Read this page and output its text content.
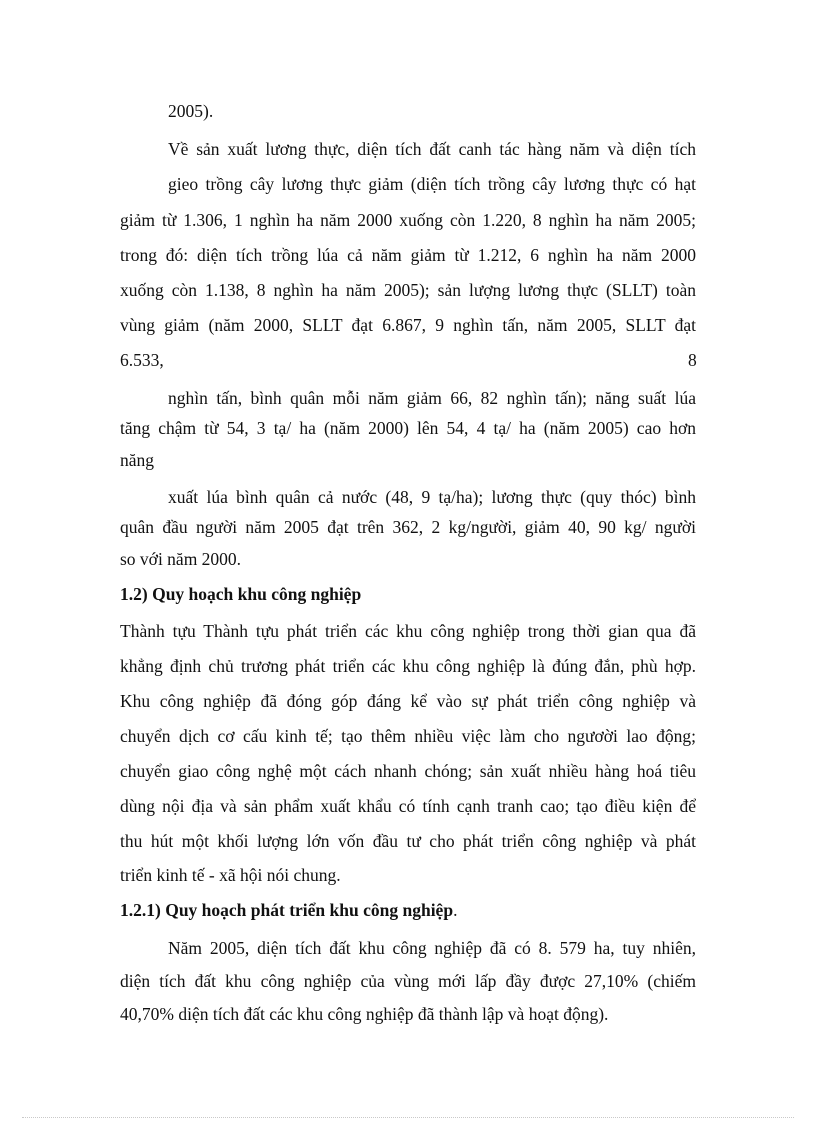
2005).
Về sản xuất lương thực, diện tích đất canh tác hàng năm và diện tích
gieo trồng cây lương thực giảm (diện tích trồng cây lương thực có hạt
giảm từ 1.306, 1 nghìn ha năm 2000 xuống còn 1.220, 8 nghìn ha năm 2005;
trong đó: diện tích trồng lúa cả năm giảm từ 1.212, 6 nghìn ha năm 2000
xuống còn 1.138, 8 nghìn ha năm 2005); sản lượng lương thực (SLLT) toàn
vùng giảm (năm 2000, SLLT đạt 6.867, 9 nghìn tấn, năm 2005, SLLT đạt
6.533,	8
nghìn tấn, bình quân mỗi năm giảm 66, 82 nghìn tấn); năng suất lúa
tăng chậm từ 54, 3 tạ/ ha (năm 2000) lên 54, 4 tạ/ ha (năm 2005) cao hơn
năng
xuất lúa bình quân cả nước (48, 9 tạ/ha); lương thực (quy thóc) bình
quân đầu người năm 2005 đạt trên 362, 2 kg/người, giảm 40, 90 kg/ người
so với năm 2000.
1.2) Quy hoạch khu công nghiệp
Thành tựu Thành tựu phát triển các khu công nghiệp trong thời gian qua đã
khẳng định chủ trương phát triển các khu công nghiệp là đúng đắn, phù hợp.
Khu công nghiệp đã đóng góp đáng kể vào sự phát triển công nghiệp và
chuyển dịch cơ cấu kinh tế; tạo thêm nhiều việc làm cho ngươời lao động;
chuyển giao công nghệ một cách nhanh chóng; sản xuất nhiều hàng hoá tiêu
dùng nội địa và sản phẩm xuất khẩu có tính cạnh tranh cao; tạo điều kiện để
thu hút một khối lượng lớn vốn đầu tư cho phát triển công nghiệp và phát
triển kinh tế - xã hội nói chung.
1.2.1) Quy hoạch phát triển khu công nghiệp.
Năm 2005, diện tích đất khu công nghiệp đã có 8. 579 ha, tuy nhiên,
diện tích đất khu công nghiệp của vùng mới lấp đầy được 27,10% (chiếm
40,70% diện tích đất các khu công nghiệp đã thành lập và hoạt động).
